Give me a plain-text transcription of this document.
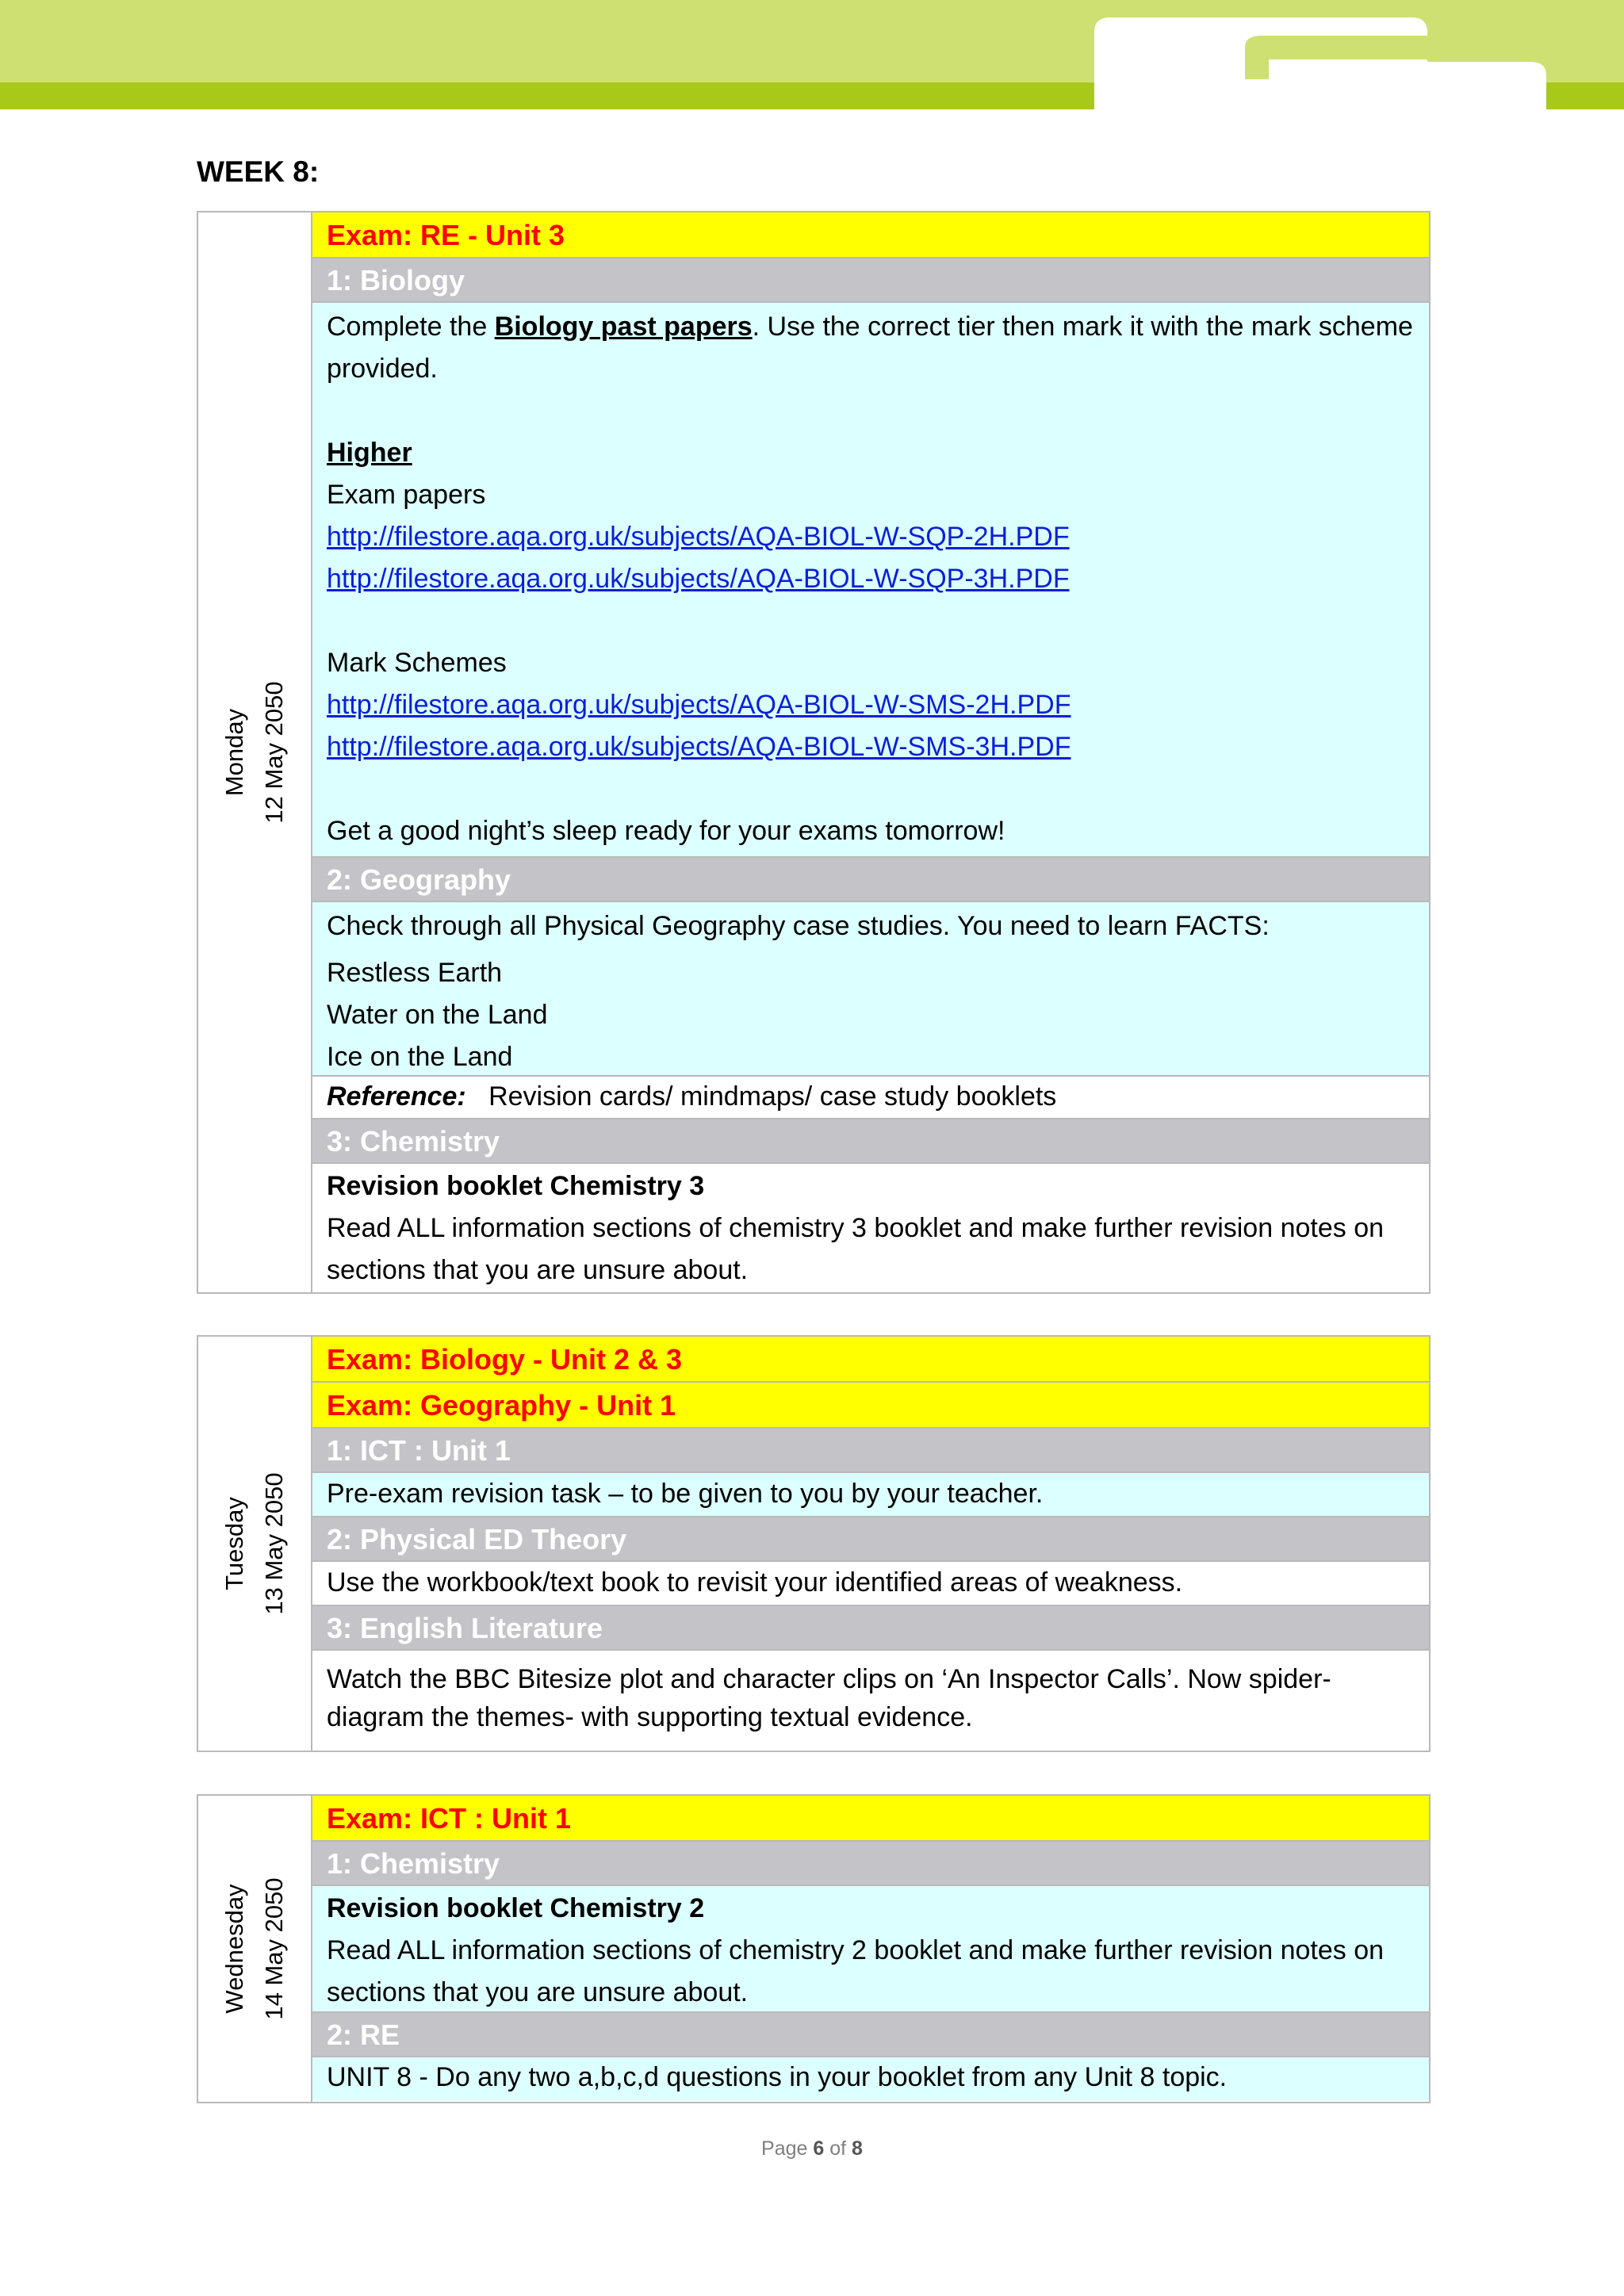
WEEK 8:
Monday 12 May 2050
Exam: RE - Unit 3
1: Biology

Complete the Biology past papers. Use the correct tier then mark it with the mark scheme provided.

Higher

Exam papers

http://filestore.aqa.org.uk/subjects/AQA-BIOL-W-SQP-2H.PDF

http://filestore.aqa.org.uk/subjects/AQA-BIOL-W-SQP-3H.PDF

Mark Schemes

http://filestore.aqa.org.uk/subjects/AQA-BIOL-W-SMS-2H.PDF

http://filestore.aqa.org.uk/subjects/AQA-BIOL-W-SMS-3H.PDF

Get a good night’s sleep ready for your exams tomorrow!

2: Geography

Check through all Physical Geography case studies. You need to learn FACTS:

Restless Earth

Water on the Land

Ice on the Land

Reference: Revision cards/ mindmaps/ case study booklets
3: Chemistry

Revision booklet Chemistry 3

Read ALL information sections of chemistry 3 booklet and make further revision notes on sections that you are unsure about.

Tuesday 13 May 2050
Exam: Biology - Unit 2 & 3
Exam: Geography - Unit 1
1: ICT : Unit 1
Pre-exam revision task – to be given to you by your teacher.
2: Physical ED Theory
Use the workbook/text book to revisit your identified areas of weakness.
3: English Literature
Watch the BBC Bitesize plot and character clips on ‘An Inspector Calls’. Now spider-diagram the themes- with supporting textual evidence.
Wednesday 14 May 2050
Exam: ICT : Unit 1
1: Chemistry

Revision booklet Chemistry 2

Read ALL information sections of chemistry 2 booklet and make further revision notes on sections that you are unsure about.

2: RE
UNIT 8 - Do any two a,b,c,d questions in your booklet from any Unit 8 topic.
Page 6 of 8
